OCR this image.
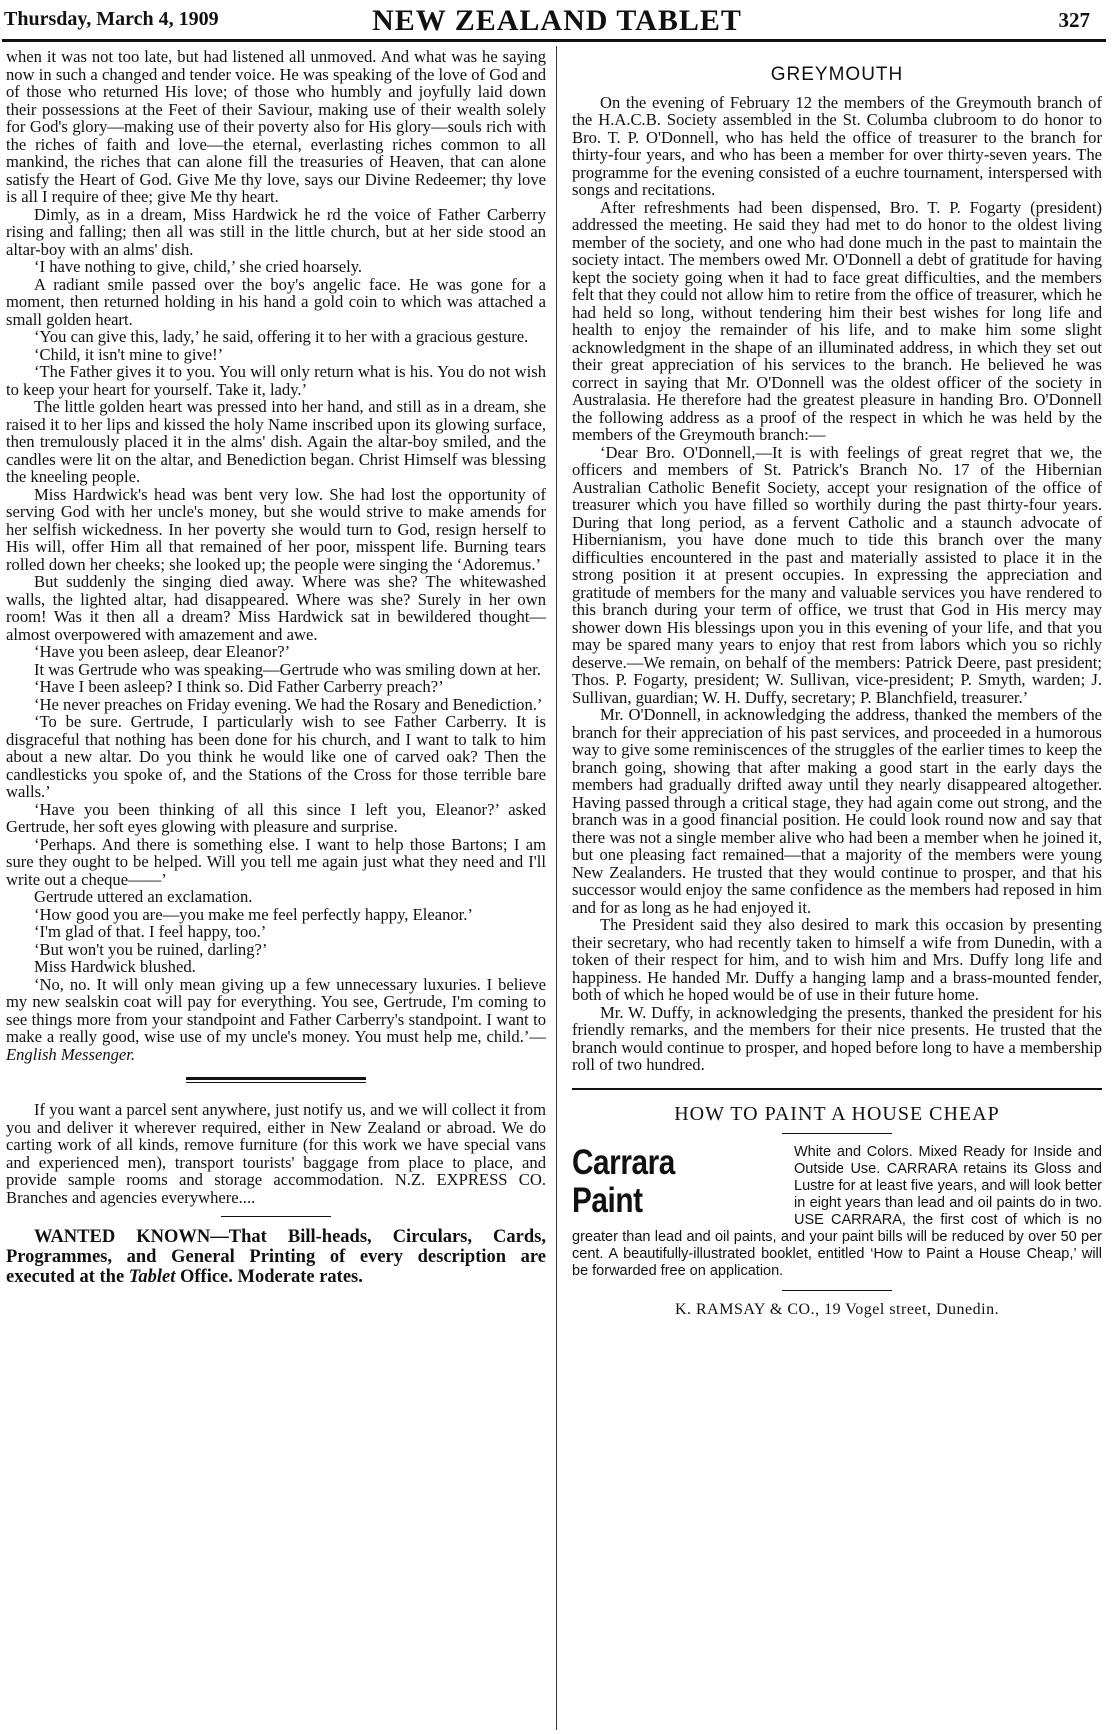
Thursday, March 4, 1909	NEW ZEALAND TABLET	327

when it was not too late, but had listened all unmoved. And what was he saying now in such a changed and tender voice. He was speaking of the love of God and of those who returned His love; of those who humbly and joyfully laid down their possessions at the Feet of their Saviour, making use of their wealth solely for God's glory—making use of their poverty also for His glory—souls rich with the riches of faith and love—the eternal, everlasting riches common to all mankind, the riches that can alone fill the treasuries of Heaven, that can alone satisfy the Heart of God. Give Me thy love, says our Divine Redeemer; thy love is all I require of thee; give Me thy heart.

Dimly, as in a dream, Miss Hardwick he rd the voice of Father Carberry rising and falling; then all was still in the little church, but at her side stood an altar-boy with an alms' dish.

‘I have nothing to give, child,’ she cried hoarsely.

A radiant smile passed over the boy's angelic face. He was gone for a moment, then returned holding in his hand a gold coin to which was attached a small golden heart.

‘You can give this, lady,’ he said, offering it to her with a gracious gesture.

‘Child, it isn't mine to give!’

‘The Father gives it to you. You will only return what is his. You do not wish to keep your heart for yourself. Take it, lady.’

The little golden heart was pressed into her hand, and still as in a dream, she raised it to her lips and kissed the holy Name inscribed upon its glowing surface, then tremulously placed it in the alms' dish. Again the altar-boy smiled, and the candles were lit on the altar, and Benediction began. Christ Himself was blessing the kneeling people.

Miss Hardwick's head was bent very low. She had lost the opportunity of serving God with her uncle's money, but she would strive to make amends for her selfish wickedness. In her poverty she would turn to God, resign herself to His will, offer Him all that remained of her poor, misspent life. Burning tears rolled down her cheeks; she looked up; the people were singing the ‘Adoremus.’

But suddenly the singing died away. Where was she? The whitewashed walls, the lighted altar, had disappeared. Where was she? Surely in her own room! Was it then all a dream? Miss Hardwick sat in bewildered thought—almost overpowered with amazement and awe.

‘Have you been asleep, dear Eleanor?’

It was Gertrude who was speaking—Gertrude who was smiling down at her.

‘Have I been asleep? I think so. Did Father Carberry preach?’

‘He never preaches on Friday evening. We had the Rosary and Benediction.’

‘To be sure. Gertrude, I particularly wish to see Father Carberry. It is disgraceful that nothing has been done for his church, and I want to talk to him about a new altar. Do you think he would like one of carved oak? Then the candlesticks you spoke of, and the Stations of the Cross for those terrible bare walls.’

‘Have you been thinking of all this since I left you, Eleanor?’ asked Gertrude, her soft eyes glowing with pleasure and surprise.

‘Perhaps. And there is something else. I want to help those Bartons; I am sure they ought to be helped. Will you tell me again just what they need and I'll write out a cheque——’

Gertrude uttered an exclamation.

‘How good you are—you make me feel perfectly happy, Eleanor.’

‘I'm glad of that. I feel happy, too.’

‘But won't you be ruined, darling?’

Miss Hardwick blushed.

‘No, no. It will only mean giving up a few unnecessary luxuries. I believe my new sealskin coat will pay for everything. You see, Gertrude, I'm coming to see things more from your standpoint and Father Carberry's standpoint. I want to make a really good, wise use of my uncle's money. You must help me, child.’—English Messenger.

If you want a parcel sent anywhere, just notify us, and we will collect it from you and deliver it wherever required, either in New Zealand or abroad. We do carting work of all kinds, remove furniture (for this work we have special vans and experienced men), transport tourists' baggage from place to place, and provide sample rooms and storage accommodation. N.Z. EXPRESS CO. Branches and agencies everywhere....

WANTED KNOWN—That Bill-heads, Circulars, Cards, Programmes, and General Printing of every description are executed at the Tablet Office. Moderate rates.

GREYMOUTH

On the evening of February 12 the members of the Greymouth branch of the H.A.C.B. Society assembled in the St. Columba clubroom to do honor to Bro. T. P. O'Donnell, who has held the office of treasurer to the branch for thirty-four years, and who has been a member for over thirty-seven years. The programme for the evening consisted of a euchre tournament, interspersed with songs and recitations.

After refreshments had been dispensed, Bro. T. P. Fogarty (president) addressed the meeting. He said they had met to do honor to the oldest living member of the society, and one who had done much in the past to maintain the society intact. The members owed Mr. O'Donnell a debt of gratitude for having kept the society going when it had to face great difficulties, and the members felt that they could not allow him to retire from the office of treasurer, which he had held so long, without tendering him their best wishes for long life and health to enjoy the remainder of his life, and to make him some slight acknowledgment in the shape of an illuminated address, in which they set out their great appreciation of his services to the branch. He believed he was correct in saying that Mr. O'Donnell was the oldest officer of the society in Australasia. He therefore had the greatest pleasure in handing Bro. O'Donnell the following address as a proof of the respect in which he was held by the members of the Greymouth branch:—

‘Dear Bro. O'Donnell,—It is with feelings of great regret that we, the officers and members of St. Patrick's Branch No. 17 of the Hibernian Australian Catholic Benefit Society, accept your resignation of the office of treasurer which you have filled so worthily during the past thirty-four years. During that long period, as a fervent Catholic and a staunch advocate of Hibernianism, you have done much to tide this branch over the many difficulties encountered in the past and materially assisted to place it in the strong position it at present occupies. In expressing the appreciation and gratitude of members for the many and valuable services you have rendered to this branch during your term of office, we trust that God in His mercy may shower down His blessings upon you in this evening of your life, and that you may be spared many years to enjoy that rest from labors which you so richly deserve.—We remain, on behalf of the members: Patrick Deere, past president; Thos. P. Fogarty, president; W. Sullivan, vice-president; P. Smyth, warden; J. Sullivan, guardian; W. H. Duffy, secretary; P. Blanchfield, treasurer.’

Mr. O'Donnell, in acknowledging the address, thanked the members of the branch for their appreciation of his past services, and proceeded in a humorous way to give some reminiscences of the struggles of the earlier times to keep the branch going, showing that after making a good start in the early days the members had gradually drifted away until they nearly disappeared altogether. Having passed through a critical stage, they had again come out strong, and the branch was in a good financial position. He could look round now and say that there was not a single member alive who had been a member when he joined it, but one pleasing fact remained—that a majority of the members were young New Zealanders. He trusted that they would continue to prosper, and that his successor would enjoy the same confidence as the members had reposed in him and for as long as he had enjoyed it.

The President said they also desired to mark this occasion by presenting their secretary, who had recently taken to himself a wife from Dunedin, with a token of their respect for him, and to wish him and Mrs. Duffy long life and happiness. He handed Mr. Duffy a hanging lamp and a brass-mounted fender, both of which he hoped would be of use in their future home.

Mr. W. Duffy, in acknowledging the presents, thanked the president for his friendly remarks, and the members for their nice presents. He trusted that the branch would continue to prosper, and hoped before long to have a membership roll of two hundred.

HOW TO PAINT A HOUSE CHEAP
Carrara Paint
White and Colors. Mixed Ready for Inside and Outside Use. CARRARA retains its Gloss and Lustre for at least five years, and will look better in eight years than lead and oil paints do in two. USE CARRARA, the first cost of which is no greater than lead and oil paints, and your paint bills will be reduced by over 50 per cent. A beautifully-illustrated booklet, entitled ‘How to Paint a House Cheap,’ will be forwarded free on application.
K. RAMSAY & CO., 19 Vogel street, Dunedin.
